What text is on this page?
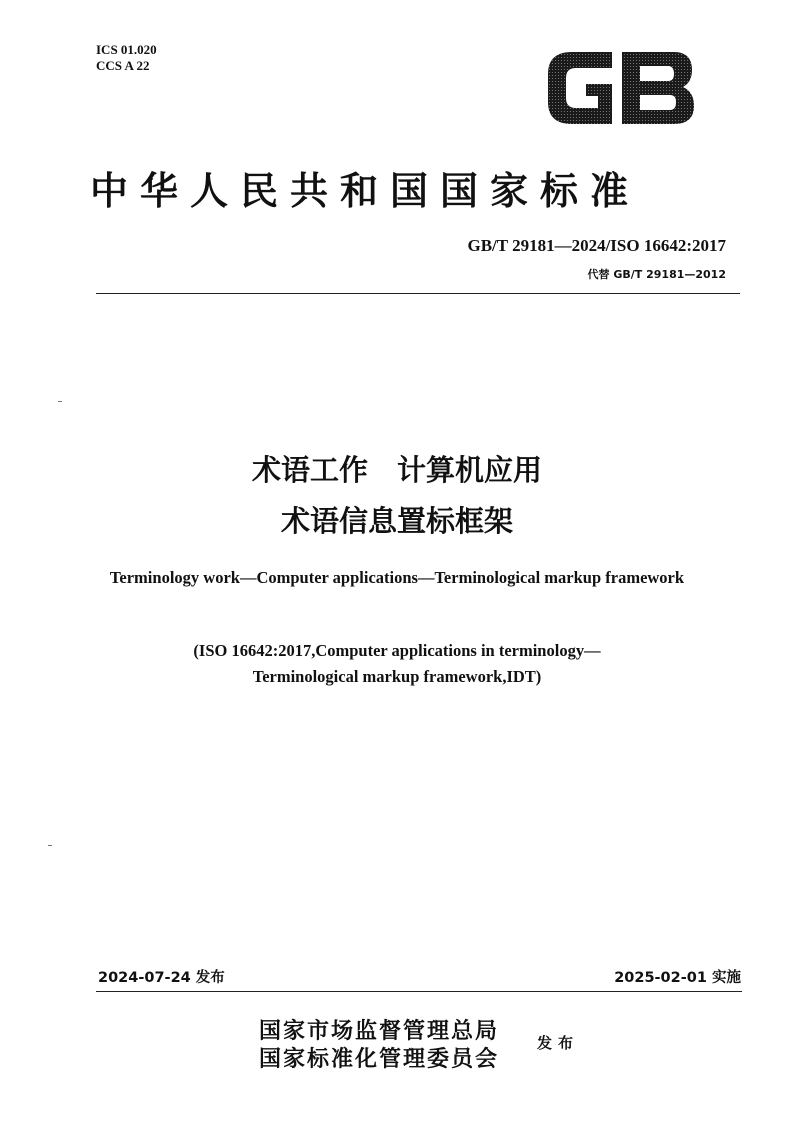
ICS 01.020
CCS A 22
中华人民共和国国家标准
GB/T 29181—2024/ISO 16642:2017
代替 GB/T 29181—2012
术语工作　计算机应用
术语信息置标框架
Terminology work—Computer applications—Terminological markup framework
(ISO 16642:2017,Computer applications in terminology—
Terminological markup framework,IDT)
2024-07-24 发布	2025-02-01 实施
国家市场监督管理总局
国家标准化管理委员会
发布
